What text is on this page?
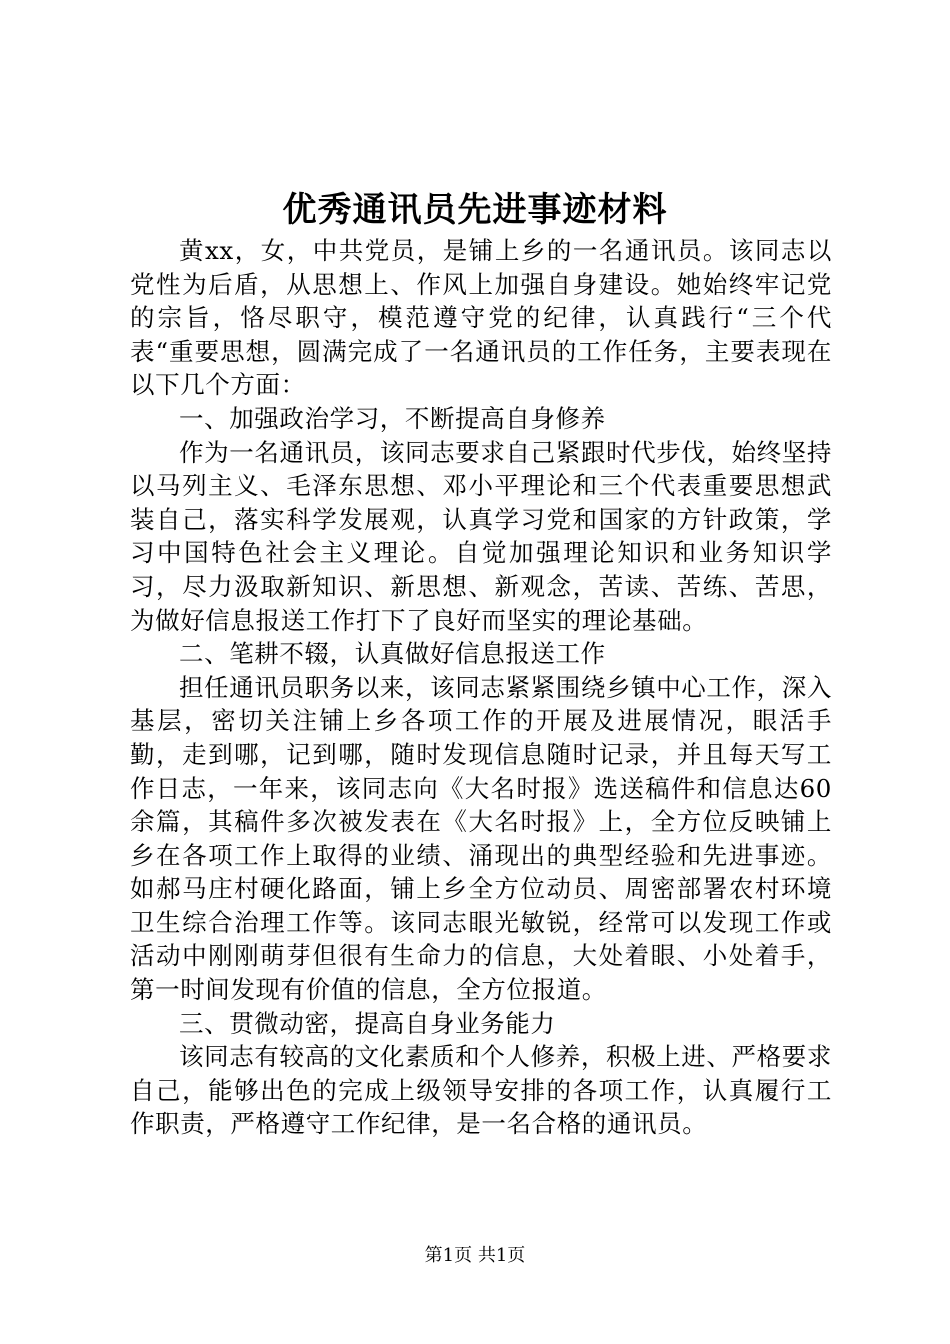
优秀通讯员先进事迹材料

黄xx，女，中共党员，是铺上乡的一名通讯员。该同志以党性为后盾，从思想上、作风上加强自身建设。她始终牢记党的宗旨，恪尽职守，模范遵守党的纪律，认真践行“三个代表“重要思想，圆满完成了一名通讯员的工作任务，主要表现在以下几个方面：

一、加强政治学习，不断提高自身修养

作为一名通讯员，该同志要求自己紧跟时代步伐，始终坚持以马列主义、毛泽东思想、邓小平理论和三个代表重要思想武装自己，落实科学发展观，认真学习党和国家的方针政策，学习中国特色社会主义理论。自觉加强理论知识和业务知识学习，尽力汲取新知识、新思想、新观念，苦读、苦练、苦思，为做好信息报送工作打下了良好而坚实的理论基础。

二、笔耕不辍，认真做好信息报送工作

担任通讯员职务以来，该同志紧紧围绕乡镇中心工作，深入基层，密切关注铺上乡各项工作的开展及进展情况，眼活手勤，走到哪，记到哪，随时发现信息随时记录，并且每天写工作日志，一年来，该同志向《大名时报》选送稿件和信息达60余篇，其稿件多次被发表在《大名时报》上，全方位反映铺上乡在各项工作上取得的业绩、涌现出的典型经验和先进事迹。如郝马庄村硬化路面，铺上乡全方位动员、周密部署农村环境卫生综合治理工作等。该同志眼光敏锐，经常可以发现工作或活动中刚刚萌芽但很有生命力的信息，大处着眼、小处着手，第一时间发现有价值的信息，全方位报道。

三、贯微动密，提高自身业务能力

该同志有较高的文化素质和个人修养，积极上进、严格要求自己，能够出色的完成上级领导安排的各项工作，认真履行工作职责，严格遵守工作纪律，是一名合格的通讯员。

第1页 共1页
